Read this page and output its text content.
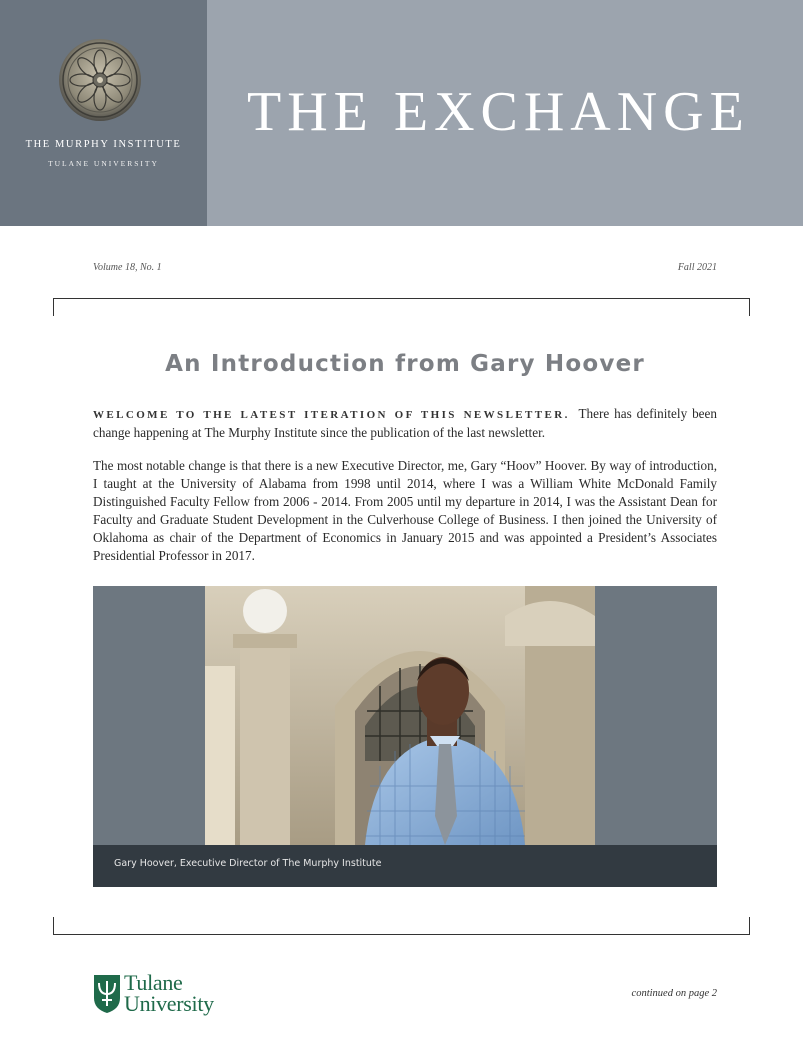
THE MURPHY INSTITUTE
TULANE UNIVERSITY
THE EXCHANGE
Volume 18, No. 1	Fall 2021
An Introduction from Gary Hoover

WELCOME TO THE LATEST ITERATION OF THIS NEWSLETTER. There has definitely been change happening at The Murphy Institute since the publication of the last newsletter.

The most notable change is that there is a new Executive Director, me, Gary “Hoov” Hoover. By way of introduction, I taught at the University of Alabama from 1998 until 2014, where I was a William White McDonald Family Distinguished Faculty Fellow from 2006 - 2014. From 2005 until my departure in 2014, I was the Assistant Dean for Faculty and Graduate Student Development in the Culverhouse College of Business. I then joined the University of Oklahoma as chair of the Department of Economics in January 2015 and was appointed a President’s Associates Presidential Professor in 2017.

Gary Hoover, Executive Director of The Murphy Institute
Tulane
University	continued on page 2
